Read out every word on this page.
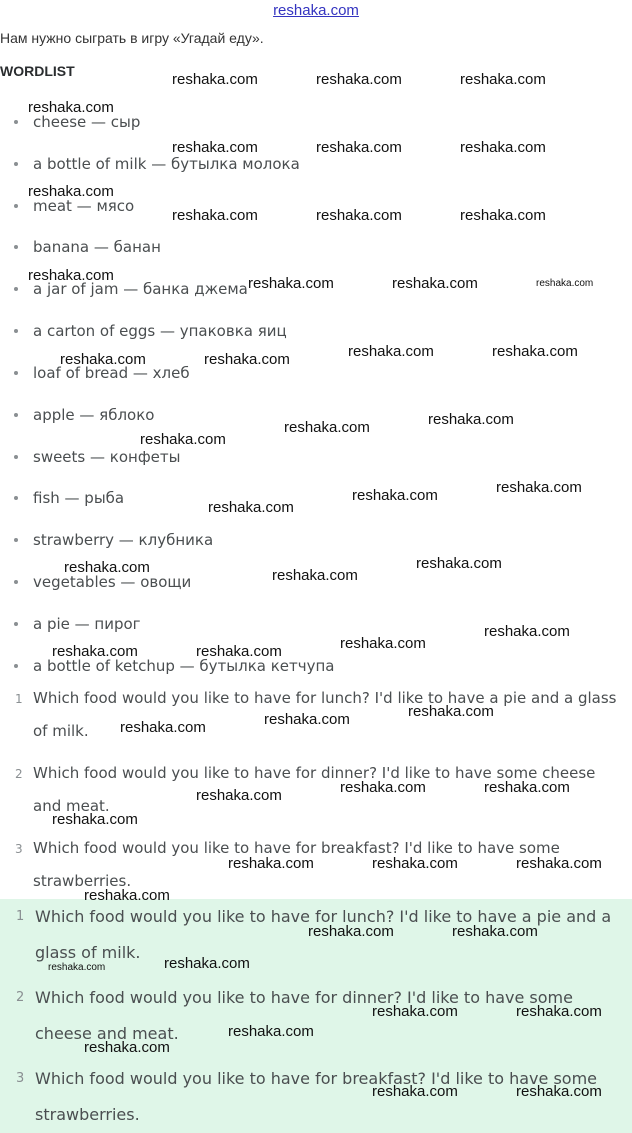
reshaka.com
Нам нужно сыграть в игру «Угадай еду».
WORDLIST
cheese — сыр
a bottle of milk — бутылка молока
meat — мясо
banana — банан
a jar of jam — банка джема
a carton of eggs — упаковка яиц
loaf of bread — хлеб
apple — яблоко
sweets — конфеты
fish — рыба
strawberry — клубника
vegetables — овощи
a pie — пирог
a bottle of ketchup — бутылка кетчупа
1 Which food would you like to have for lunch? I'd like to have a pie and a glass
of milk.
2 Which food would you like to have for dinner? I'd like to have some cheese
and meat.
3 Which food would you like to have for breakfast? I'd like to have some
strawberries.
1 Which food would you like to have for lunch? I'd like to have a pie and a
glass of milk.
2 Which food would you like to have for dinner? I'd like to have some
cheese and meat.
3 Which food would you like to have for breakfast? I'd like to have some
strawberries.
reshaka.com	reshaka.com	reshaka.com
reshaka.com
reshaka.com	reshaka.com	reshaka.com
reshaka.com
reshaka.com	reshaka.com	reshaka.com
reshaka.com	reshaka.com	reshaka.com	reshaka.com
reshaka.com	reshaka.com
reshaka.com	reshaka.com
reshaka.com
reshaka.com
reshaka.com
reshaka.com
reshaka.com
reshaka.com
reshaka.com
reshaka.com	reshaka.com
reshaka.com
reshaka.com
reshaka.com	reshaka.com
reshaka.com
reshaka.com
reshaka.com
reshaka.com	reshaka.com
reshaka.com
reshaka.com
reshaka.com	reshaka.com	reshaka.com
reshaka.com
reshaka.com	reshaka.com
reshaka.com
reshaka.com
reshaka.com	reshaka.com
reshaka.com
reshaka.com
reshaka.com	reshaka.com
